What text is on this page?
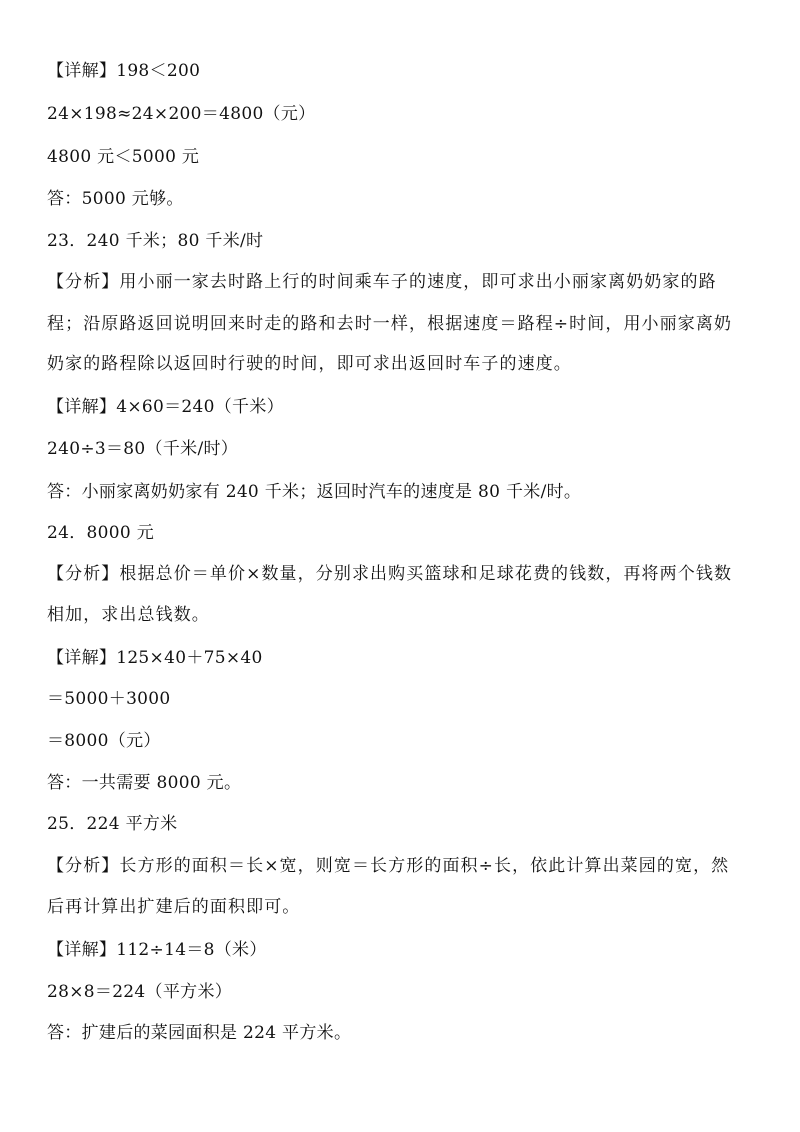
【详解】198＜200
24×198≈24×200＝4800（元）
4800 元＜5000 元
答：5000 元够。
23．240 千米；80 千米/时
【分析】用小丽一家去时路上行的时间乘车子的速度，即可求出小丽家离奶奶家的路
程；沿原路返回说明回来时走的路和去时一样，根据速度＝路程÷时间，用小丽家离奶
奶家的路程除以返回时行驶的时间，即可求出返回时车子的速度。
【详解】4×60＝240（千米）
240÷3＝80（千米/时）
答：小丽家离奶奶家有 240 千米；返回时汽车的速度是 80 千米/时。
24．8000 元
【分析】根据总价＝单价×数量，分别求出购买篮球和足球花费的钱数，再将两个钱数
相加，求出总钱数。
【详解】125×40＋75×40
＝5000＋3000
＝8000（元）
答：一共需要 8000 元。
25．224 平方米
【分析】长方形的面积＝长×宽，则宽＝长方形的面积÷长，依此计算出菜园的宽，然
后再计算出扩建后的面积即可。
【详解】112÷14＝8（米）
28×8＝224（平方米）
答：扩建后的菜园面积是 224 平方米。
